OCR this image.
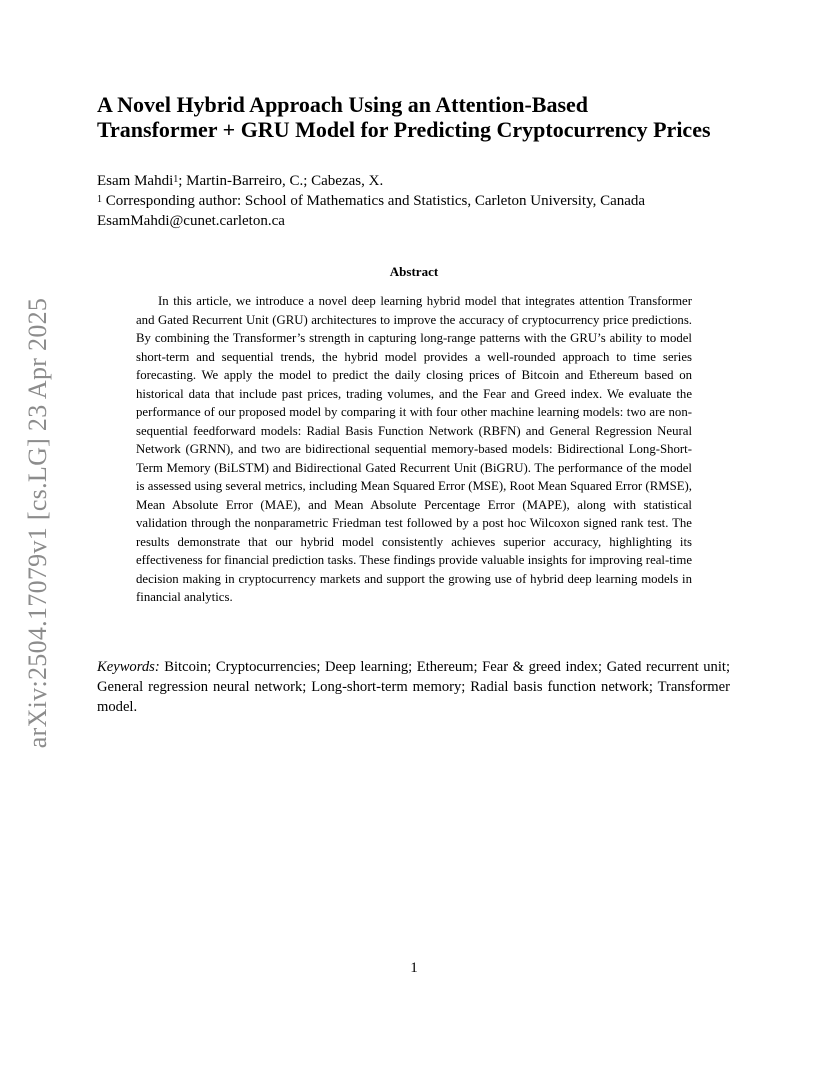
arXiv:2504.17079v1 [cs.LG] 23 Apr 2025
A Novel Hybrid Approach Using an Attention-Based
Transformer + GRU Model for Predicting Cryptocurrency Prices
Esam Mahdi$^1$; Martin-Barreiro, C.; Cabezas, X.
$^1$ Corresponding author: School of Mathematics and Statistics, Carleton University, Canada
EsamMahdi@cunet.carleton.ca
Abstract

In this article, we introduce a novel deep learning hybrid model that integrates attention Transformer and Gated Recurrent Unit (GRU) architectures to improve the accuracy of cryptocurrency price predictions. By combining the Transformer’s strength in capturing long-range patterns with the GRU’s ability to model short-term and sequential trends, the hybrid model provides a well-rounded approach to time series forecasting. We apply the model to predict the daily closing prices of Bitcoin and Ethereum based on historical data that include past prices, trading volumes, and the Fear and Greed index. We evaluate the performance of our proposed model by comparing it with four other machine learning models: two are non-sequential feedforward models: Radial Basis Function Network (RBFN) and General Regression Neural Network (GRNN), and two are bidirectional sequential memory-based models: Bidirectional Long-Short-Term Memory (BiLSTM) and Bidirectional Gated Recurrent Unit (BiGRU). The performance of the model is assessed using several metrics, including Mean Squared Error (MSE), Root Mean Squared Error (RMSE), Mean Absolute Error (MAE), and Mean Absolute Percentage Error (MAPE), along with statistical validation through the nonparametric Friedman test followed by a post hoc Wilcoxon signed rank test. The results demonstrate that our hybrid model consistently achieves superior accuracy, highlighting its effectiveness for financial prediction tasks. These findings provide valuable insights for improving real-time decision making in cryptocurrency markets and support the growing use of hybrid deep learning models in financial analytics.

Keywords: Bitcoin; Cryptocurrencies; Deep learning; Ethereum; Fear & greed index; Gated recurrent unit; General regression neural network; Long-short-term memory; Radial basis function network; Transformer model.

1
